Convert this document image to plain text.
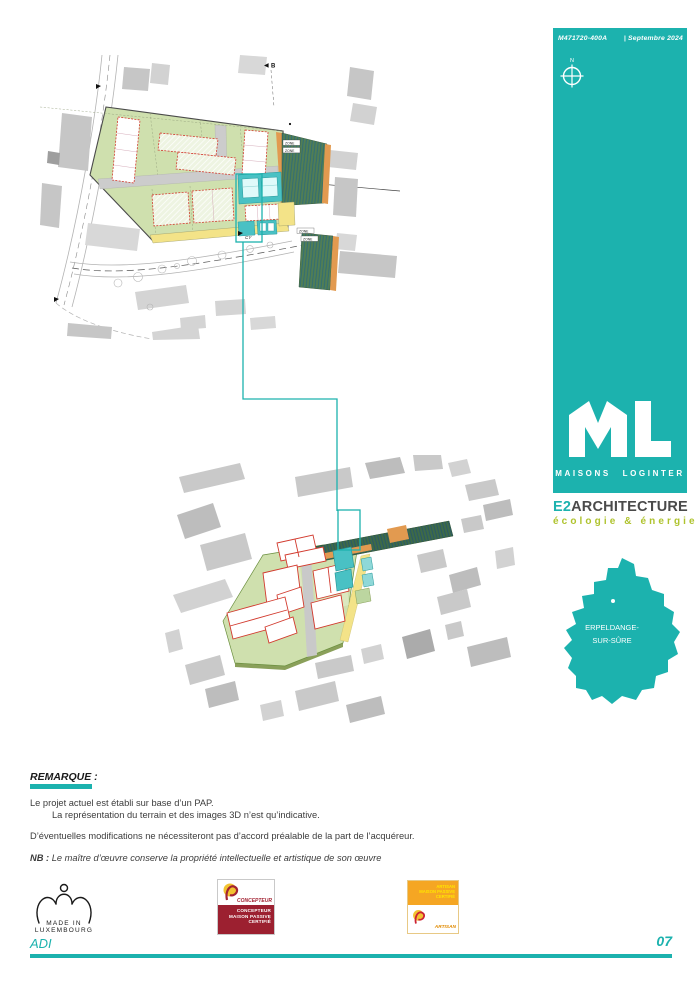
ZONE
ZONE
ZONE
ZONE
◀ B
CY
M471720-400A | Septembre 2024
N
MAISONS LOGINTER
E2ARCHITECTURE
écologie & énergie
ERPELDANGE-
SUR-SÛRE
REMARQUE :

Le projet actuel est établi sur base d’un PAP.

La représentation du terrain et des images 3D n’est qu’indicative.

D’éventuelles modifications ne nécessiteront pas d’accord préalable de la part de l’acquéreur.

NB : Le maître d’œuvre conserve la propriété intellectuelle et artistique de son œuvre

MADE IN
LUXEMBOURG
CONCEPTEUR
CONCEPTEUR
MAISON PASSIVE
CERTIFIÉ
ARTISAN
MAISON PASSIVE
CERTIFIÉ
ARTISAN
ADI	07
